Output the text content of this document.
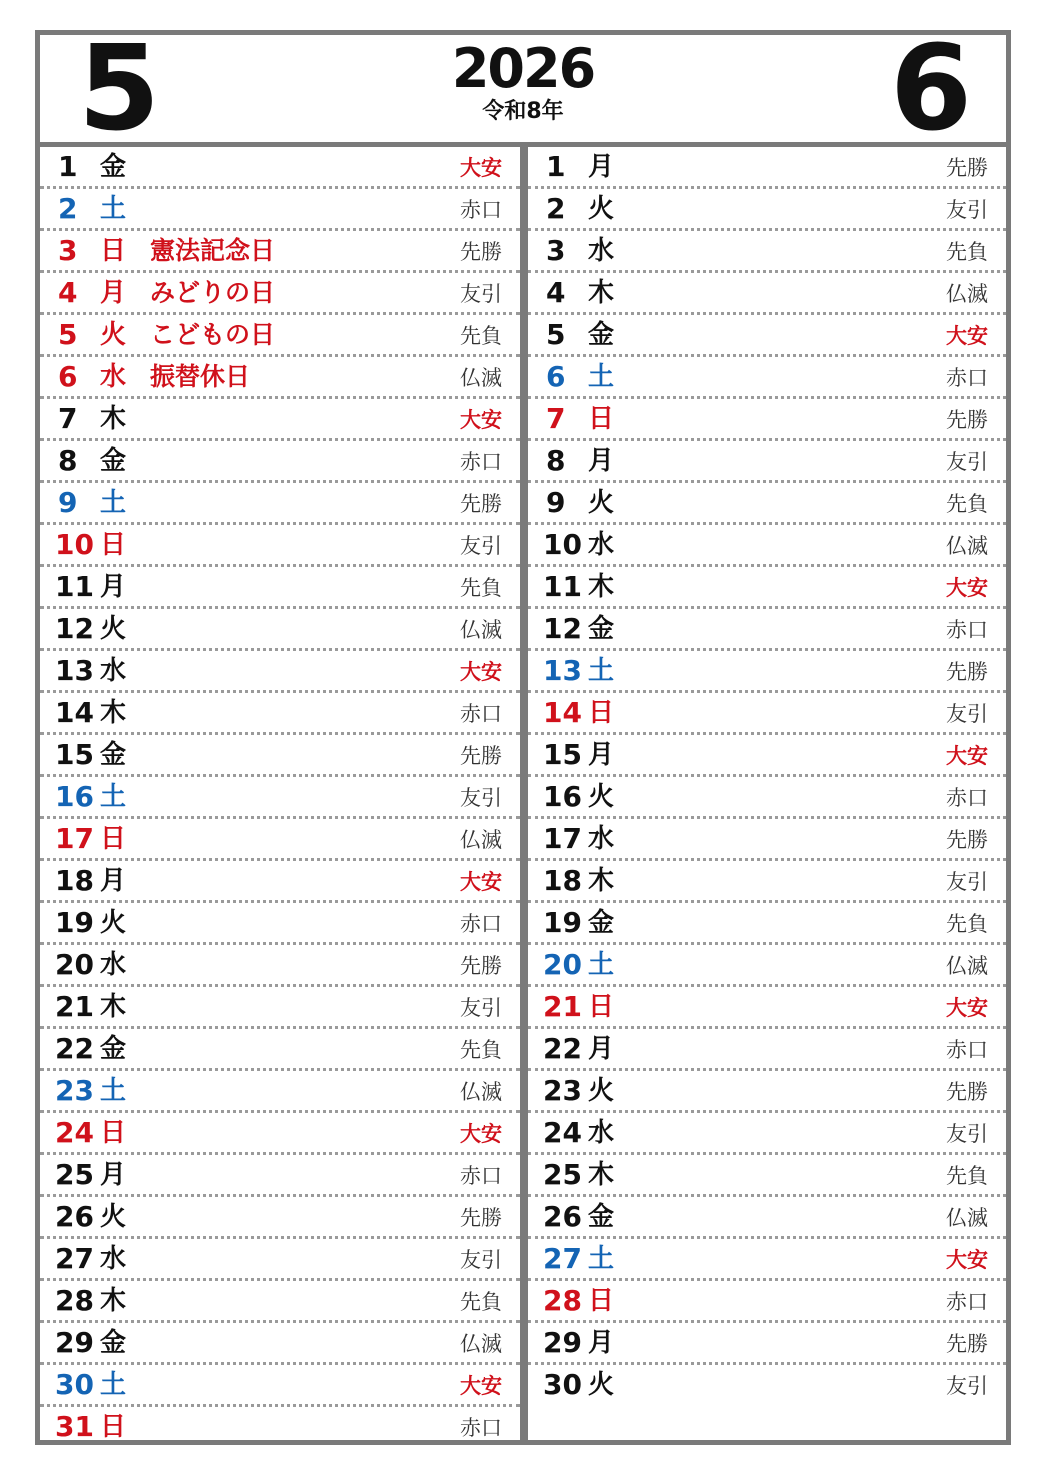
5	2026
令和8年	6
1 金	大安
2 土	赤口
3 日 憲法記念日	先勝
4 月 みどりの日	友引
5 火 こどもの日	先負
6 水 振替休日	仏滅
7 木	大安
8 金	赤口
9 土	先勝
10 日	友引
11 月	先負
12 火	仏滅
13 水	大安
14 木	赤口
15 金	先勝
16 土	友引
17 日	仏滅
18 月	大安
19 火	赤口
20 水	先勝
21 木	友引
22 金	先負
23 土	仏滅
24 日	大安
25 月	赤口
26 火	先勝
27 水	友引
28 木	先負
29 金	仏滅
30 土	大安
31 日	赤口
1 月	先勝
2 火	友引
3 水	先負
4 木	仏滅
5 金	大安
6 土	赤口
7 日	先勝
8 月	友引
9 火	先負
10 水	仏滅
11 木	大安
12 金	赤口
13 土	先勝
14 日	友引
15 月	大安
16 火	赤口
17 水	先勝
18 木	友引
19 金	先負
20 土	仏滅
21 日	大安
22 月	赤口
23 火	先勝
24 水	友引
25 木	先負
26 金	仏滅
27 土	大安
28 日	赤口
29 月	先勝
30 火	友引
